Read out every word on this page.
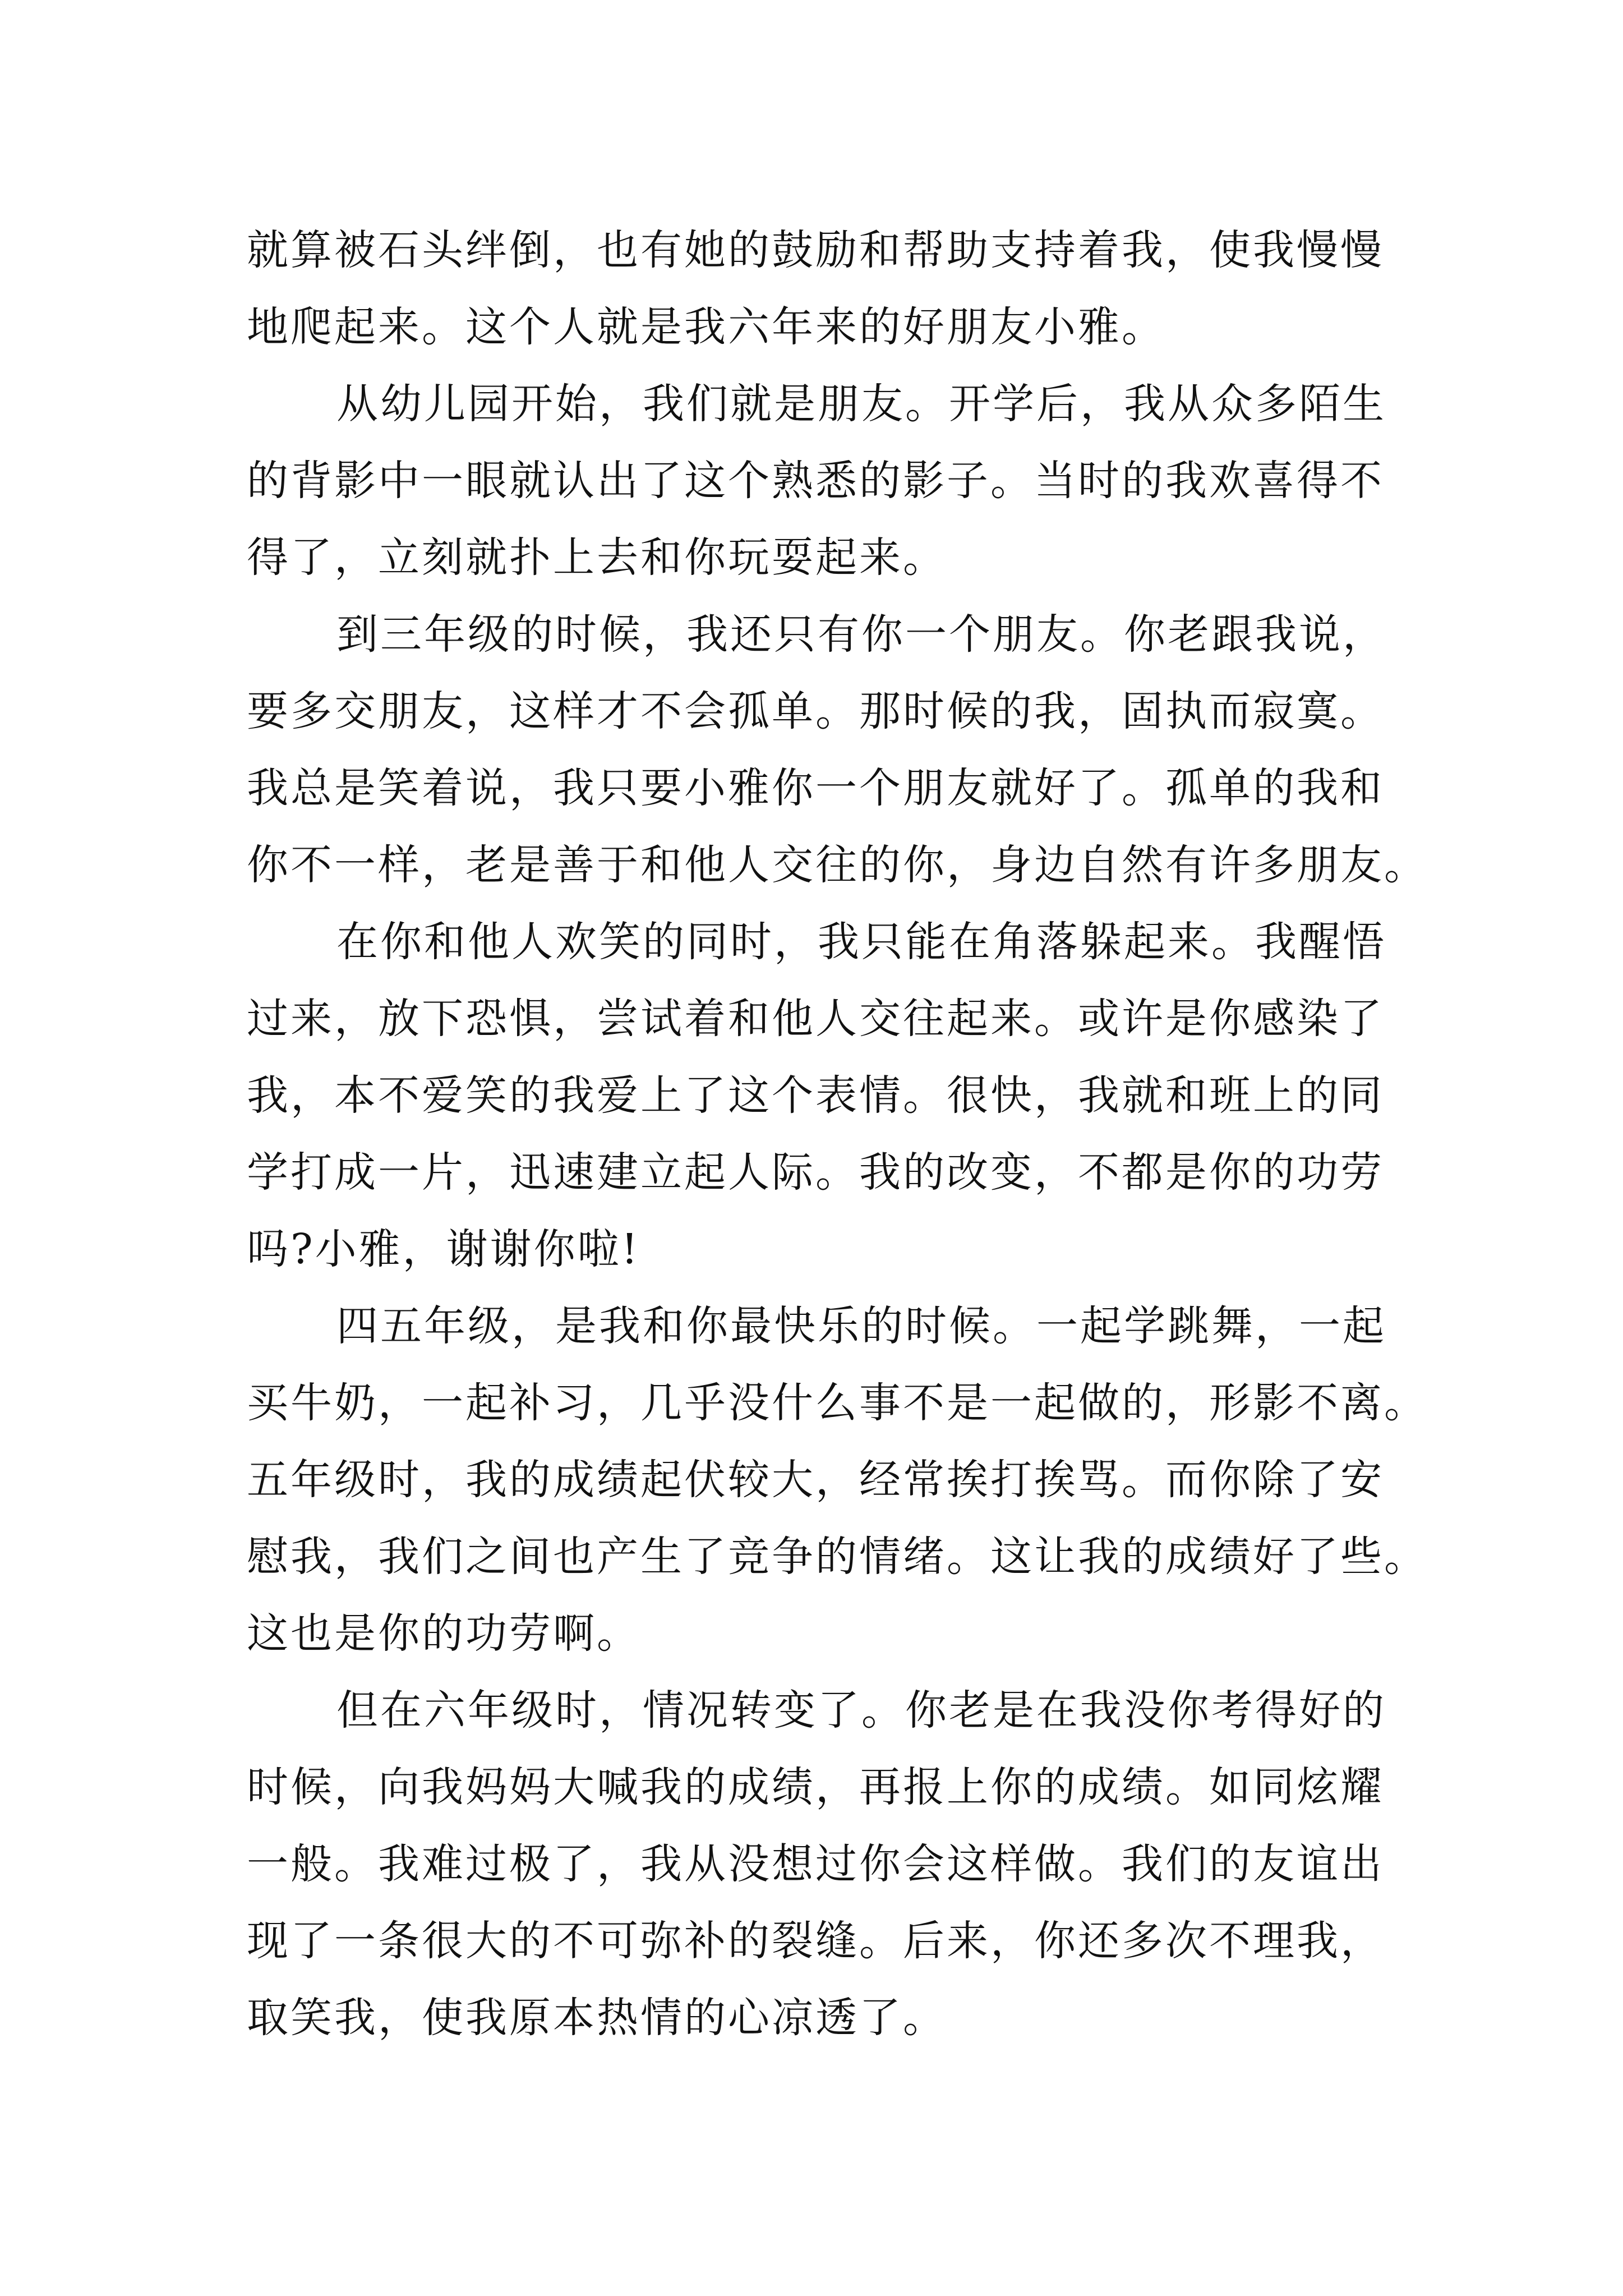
就算被石头绊倒，也有她的鼓励和帮助支持着我，使我慢慢
地爬起来。这个人就是我六年来的好朋友小雅。
从幼儿园开始，我们就是朋友。开学后，我从众多陌生
的背影中一眼就认出了这个熟悉的影子。当时的我欢喜得不
得了，立刻就扑上去和你玩耍起来。
到三年级的时候，我还只有你一个朋友。你老跟我说，
要多交朋友，这样才不会孤单。那时候的我，固执而寂寞。
我总是笑着说，我只要小雅你一个朋友就好了。孤单的我和
你不一样，老是善于和他人交往的你，身边自然有许多朋友。
在你和他人欢笑的同时，我只能在角落躲起来。我醒悟
过来，放下恐惧，尝试着和他人交往起来。或许是你感染了
我，本不爱笑的我爱上了这个表情。很快，我就和班上的同
学打成一片，迅速建立起人际。我的改变，不都是你的功劳
吗?小雅，谢谢你啦!
四五年级，是我和你最快乐的时候。一起学跳舞，一起
买牛奶，一起补习，几乎没什么事不是一起做的，形影不离。
五年级时，我的成绩起伏较大，经常挨打挨骂。而你除了安
慰我，我们之间也产生了竞争的情绪。这让我的成绩好了些。
这也是你的功劳啊。
但在六年级时，情况转变了。你老是在我没你考得好的
时候，向我妈妈大喊我的成绩，再报上你的成绩。如同炫耀
一般。我难过极了，我从没想过你会这样做。我们的友谊出
现了一条很大的不可弥补的裂缝。后来，你还多次不理我，
取笑我，使我原本热情的心凉透了。
